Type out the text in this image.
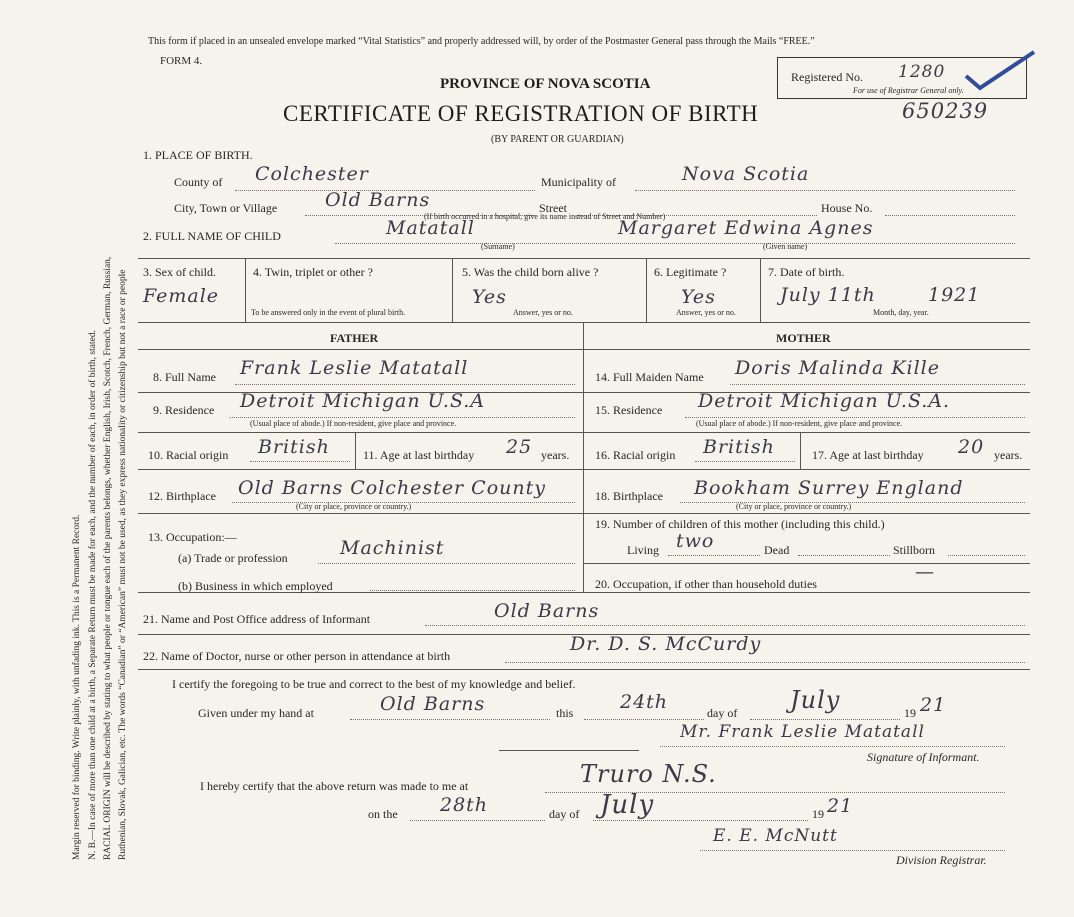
Margin reserved for binding. Write plainly, with unfading ink. This is a Permanent Record. N. B.—In case of more than one child at a birth, a Separate Return must be made for each, and the number of each, in order of birth, stated. RACIAL ORIGIN will be described by stating to what people or tongue each of the parents belongs, whether English, Irish, Scotch, French, German, Russian, Ruthenian, Slovak, Galician, etc. The words “Canadian” or “American” must not be used, as they express nationality or citizenship but not a race or people
This form if placed in an unsealed envelope marked “Vital Statistics” and properly addressed will, by order of the Postmaster General pass through the Mails “FREE.”
FORM 4.
PROVINCE OF NOVA SCOTIA
CERTIFICATE OF REGISTRATION OF BIRTH
(BY PARENT OR GUARDIAN)
Registered No. 1280
For use of Registrar General only.
650239
1. PLACE OF BIRTH.
County of Colchester	Municipality of	Nova Scotia
City, Town or Village	Old Barns	Street	House No.
(If birth occurred in a hospital, give its name instead of Street and Number)
2. FULL NAME OF CHILD	Matatall	Margaret Edwina Agnes
(Surname)	(Given name)
3. Sex of child.
Female
4. Twin, triplet or other ?
To be answered only in the event of plural birth.
5. Was the child born alive ?
Yes
Answer, yes or no.
6. Legitimate ?
Yes
Answer, yes or no.
7. Date of birth.
July 11th	1921
Month, day, year.
FATHER	MOTHER
8. Full Name Frank Leslie Matatall
9. Residence Detroit Michigan U.S.A
(Usual place of abode.) If non-resident, give place and province.
10. Racial origin British	11. Age at last birthday 25 years.
12. Birthplace Old Barns Colchester County
(City or place, province or country.)
13. Occupation:—
(a) Trade or profession	Machinist
(b) Business in which employed
14. Full Maiden Name Doris Malinda Kille
15. Residence Detroit Michigan U.S.A.
(Usual place of abode.) If non-resident, give place and province.
16. Racial origin British	17. Age at last birthday 20 years.
18. Birthplace Bookham Surrey England
(City or place, province or country.)
19. Number of children of this mother (including this child.)
Living two	Dead	Stillborn
20. Occupation, if other than household duties
—
21. Name and Post Office address of Informant	Old Barns
22. Name of Doctor, nurse or other person in attendance at birth
Dr. D. S. McCurdy
I certify the foregoing to be true and correct to the best of my knowledge and belief.
Given under my hand at	Old Barns	this 24th	day of July	19 21
Mr. Frank Leslie Matatall
Signature of Informant.
I hereby certify that the above return was made to me at	Truro N.S.
on the 28th	day of July	19 21
E. E. McNutt
Division Registrar.
